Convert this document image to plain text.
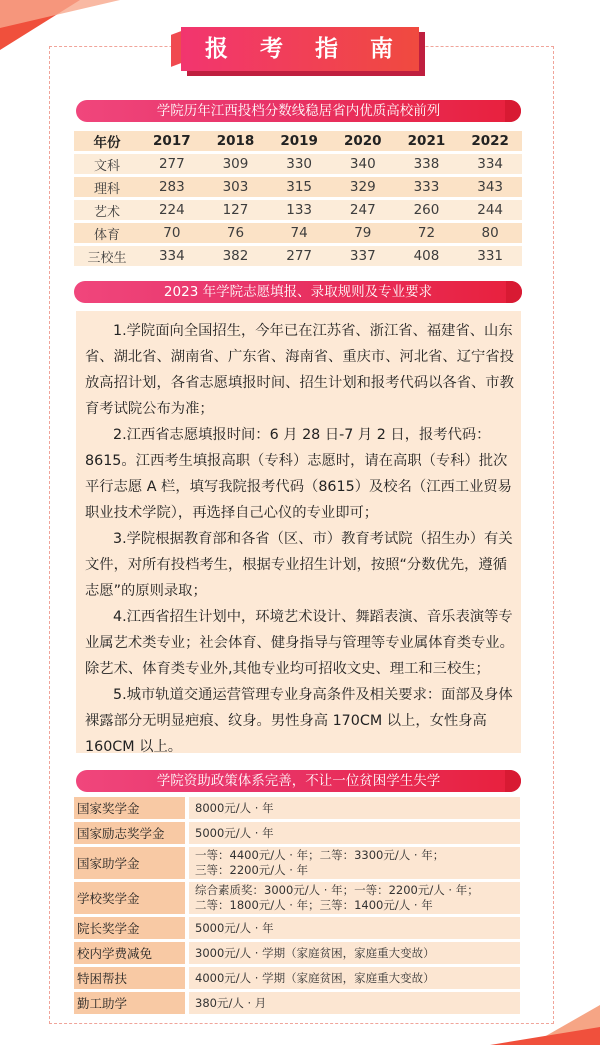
报 考 指 南
学院历年江西投档分数线稳居省内优质高校前列
年份	2017	2018	2019	2020	2021	2022
文科	277	309	330	340	338	334
理科	283	303	315	329	333	343
艺术	224	127	133	247	260	244
体育	70	76	74	79	72	80
三校生	334	382	277	337	408	331
2023 年学院志愿填报、录取规则及专业要求

1.学院面向全国招生，今年已在江苏省、浙江省、福建省、山东省、湖北省、湖南省、广东省、海南省、重庆市、河北省、辽宁省投放高招计划，各省志愿填报时间、招生计划和报考代码以各省、市教育考试院公布为准；

2.江西省志愿填报时间：6 月 28 日-7 月 2 日，报考代码：8615。江西考生填报高职（专科）志愿时，请在高职（专科）批次平行志愿 A 栏，填写我院报考代码（8615）及校名（江西工业贸易职业技术学院），再选择自己心仪的专业即可；

3.学院根据教育部和各省（区、市）教育考试院（招生办）有关文件，对所有投档考生，根据专业招生计划，按照“分数优先，遵循志愿”的原则录取；

4.江西省招生计划中，环境艺术设计、舞蹈表演、音乐表演等专业属艺术类专业；社会体育、健身指导与管理等专业属体育类专业。除艺术、体育类专业外,其他专业均可招收文史、理工和三校生；

5.城市轨道交通运营管理专业身高条件及相关要求：面部及身体裸露部分无明显疤痕、纹身。男性身高 170CM 以上，女性身高 160CM 以上。

学院资助政策体系完善，不让一位贫困学生失学
国家奖学金	8000元/人 · 年
国家励志奖学金	5000元/人 · 年
国家助学金
一等：4400元/人 · 年；二等：3300元/人 · 年；
三等：2200元/人 · 年
学校奖学金
综合素质奖：3000元/人 · 年；一等：2200元/人 · 年；
二等：1800元/人 · 年；三等：1400元/人 · 年
院长奖学金	5000元/人 · 年
校内学费减免	3000元/人 · 学期（家庭贫困，家庭重大变故）
特困帮扶	4000元/人 · 学期（家庭贫困，家庭重大变故）
勤工助学	380元/人 · 月
